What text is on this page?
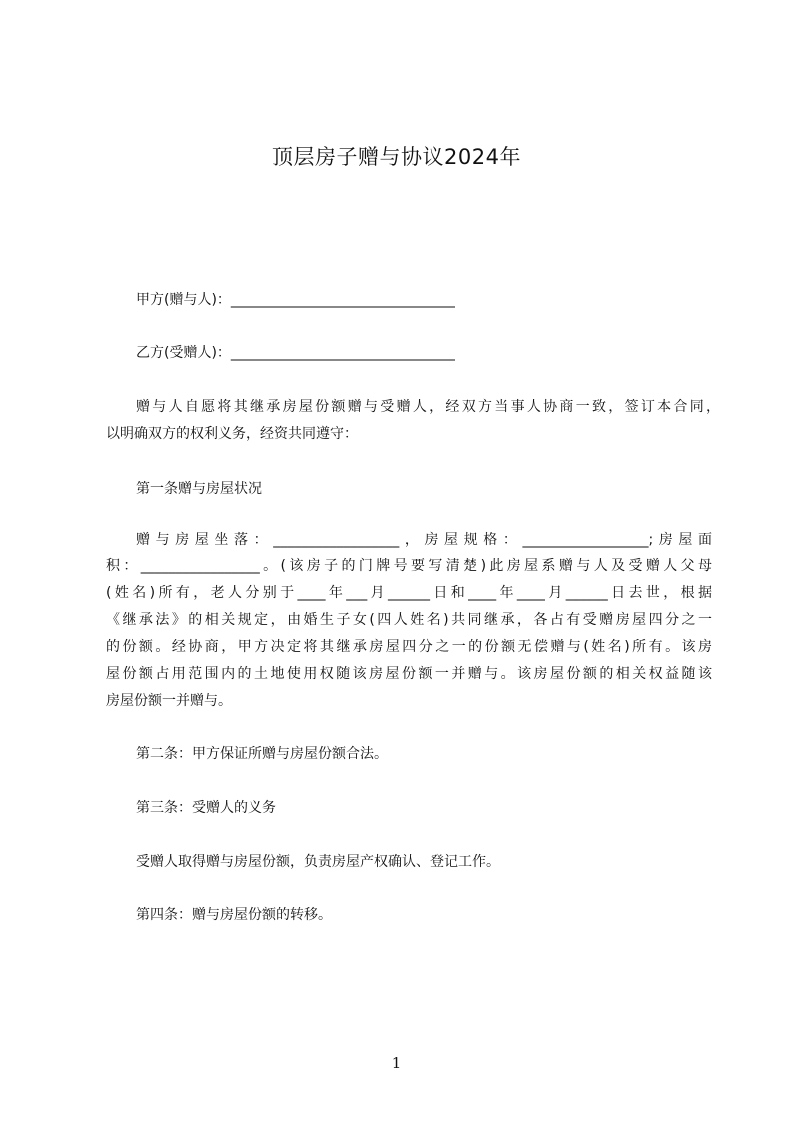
顶层房子赠与协议2024年
甲方(赠与人)：________________________________
乙方(受赠人)：________________________________
赠与人自愿将其继承房屋份额赠与受赠人，经双方当事人协商一致，签订本合同，
以明确双方的权利义务，经资共同遵守：
第一条赠与房屋状况
赠与房屋坐落：__________________，房屋规格：__________________;房屋面
积：_________________。(该房子的门牌号要写清楚)此房屋系赠与人及受赠人父母
(姓名)所有，老人分别于____年___月______日和____年____月______日去世，根据
《继承法》的相关规定，由婚生子女(四人姓名)共同继承，各占有受赠房屋四分之一
的份额。经协商，甲方决定将其继承房屋四分之一的份额无偿赠与(姓名)所有。该房
屋份额占用范围内的土地使用权随该房屋份额一并赠与。该房屋份额的相关权益随该
房屋份额一并赠与。
第二条：甲方保证所赠与房屋份额合法。
第三条：受赠人的义务
受赠人取得赠与房屋份额，负责房屋产权确认、登记工作。
第四条：赠与房屋份额的转移。
1
